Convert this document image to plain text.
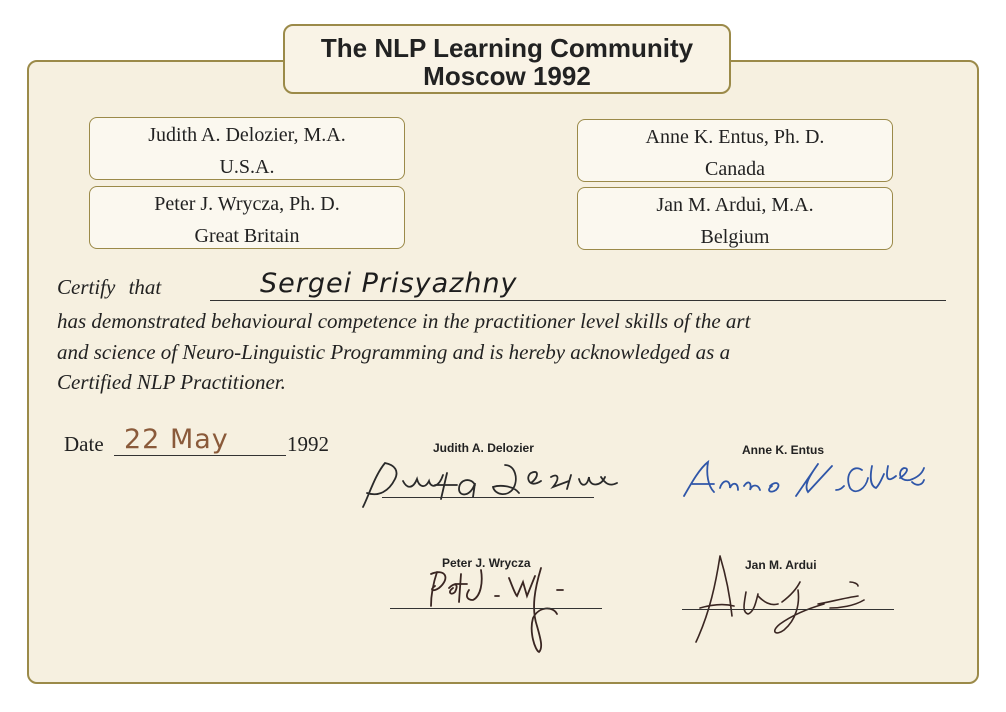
The NLP Learning Community
Moscow 1992
Judith A. Delozier, M.A.
U.S.A.
Anne K. Entus, Ph. D.
Canada
Peter J. Wrycza, Ph. D.
Great Britain
Jan M. Ardui, M.A.
Belgium
Certify that	Sergei Prisyazhny
has demonstrated behavioural competence in the practitioner level skills of the art
and science of Neuro-Linguistic Programming and is hereby acknowledged as a
Certified NLP Practitioner.
Date 22 May	1992	Judith A. Delozier	Anne K. Entus
Peter J. Wrycza	Jan M. Ardui
